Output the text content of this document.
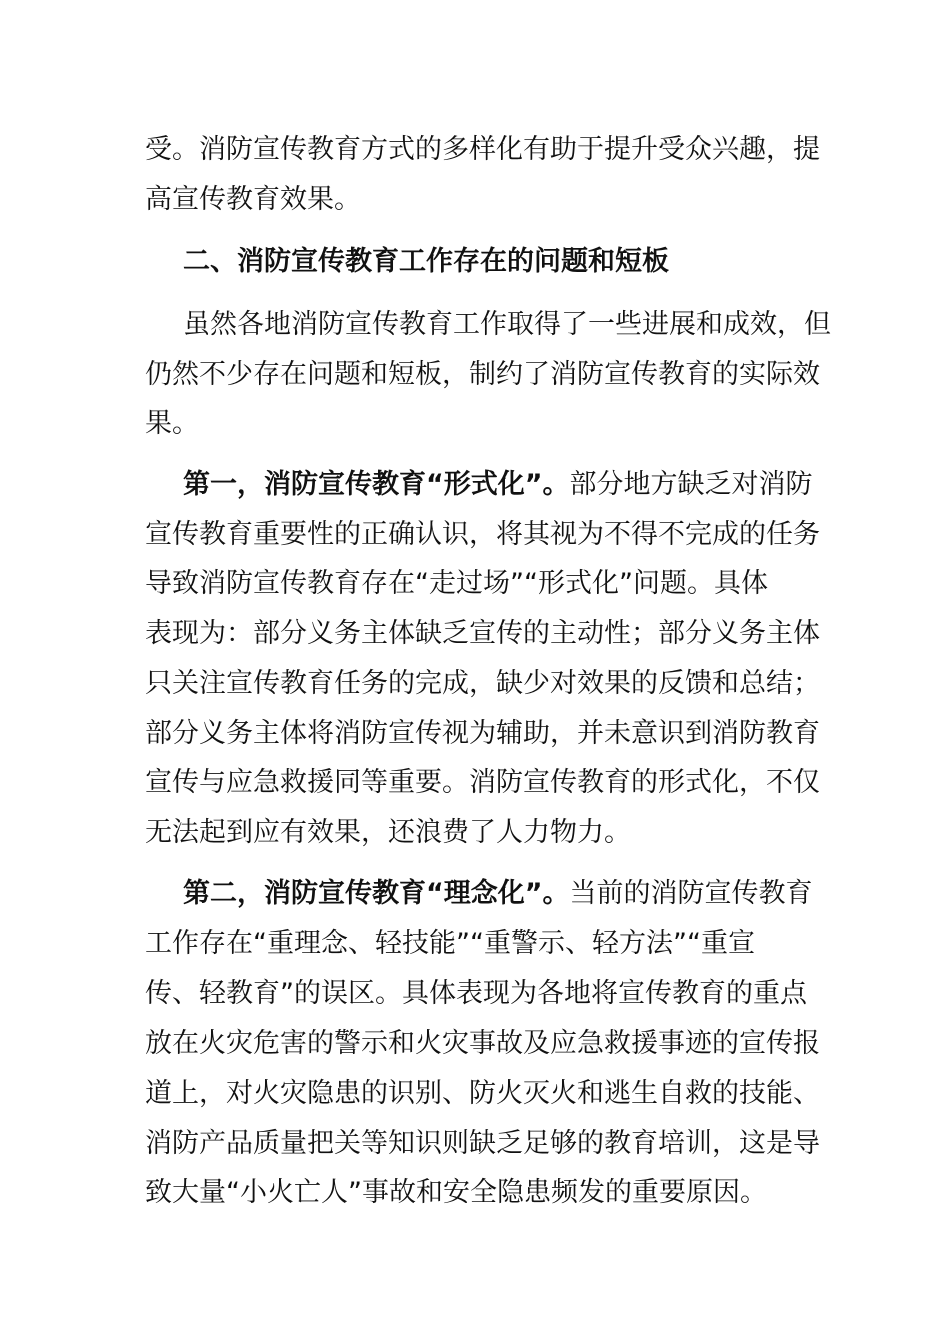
受。消防宣传教育方式的多样化有助于提升受众兴趣，提
高宣传教育效果。
二、消防宣传教育工作存在的问题和短板
虽然各地消防宣传教育工作取得了一些进展和成效，但
仍然不少存在问题和短板，制约了消防宣传教育的实际效
果。
第一，消防宣传教育“形式化”。部分地方缺乏对消防
宣传教育重要性的正确认识，将其视为不得不完成的任务
导致消防宣传教育存在“走过场”“形式化”问题。具体
表现为：部分义务主体缺乏宣传的主动性；部分义务主体
只关注宣传教育任务的完成，缺少对效果的反馈和总结；
部分义务主体将消防宣传视为辅助，并未意识到消防教育
宣传与应急救援同等重要。消防宣传教育的形式化，不仅
无法起到应有效果，还浪费了人力物力。
第二，消防宣传教育“理念化”。当前的消防宣传教育
工作存在“重理念、轻技能”“重警示、轻方法”“重宣
传、轻教育”的误区。具体表现为各地将宣传教育的重点
放在火灾危害的警示和火灾事故及应急救援事迹的宣传报
道上，对火灾隐患的识别、防火灭火和逃生自救的技能、
消防产品质量把关等知识则缺乏足够的教育培训，这是导
致大量“小火亡人”事故和安全隐患频发的重要原因。
